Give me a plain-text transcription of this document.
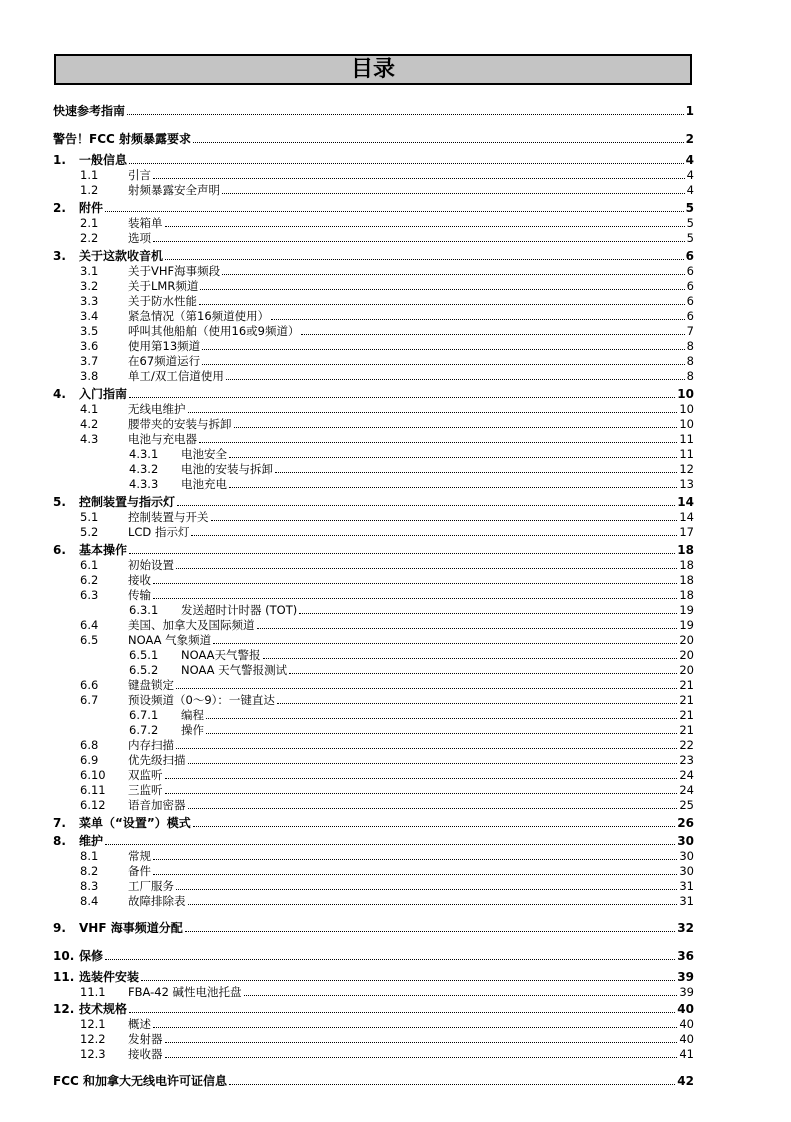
目录
快速参考指南	1
警告！FCC 射频暴露要求	2
1.	一般信息	4
1.1	引言	4
1.2	射频暴露安全声明	4
2.	附件	5
2.1	装箱单	5
2.2	选项	5
3.	关于这款收音机	6
3.1	关于VHF海事频段	6
3.2	关于LMR频道	6
3.3	关于防水性能	6
3.4	紧急情况（第16频道使用）	6
3.5	呼叫其他船舶（使用16或9频道）	7
3.6	使用第13频道	8
3.7	在67频道运行	8
3.8	单工/双工信道使用	8
4.	入门指南	10
4.1	无线电维护	10
4.2	腰带夹的安装与拆卸	10
4.3	电池与充电器	11
4.3.1	电池安全	11
4.3.2	电池的安装与拆卸	12
4.3.3	电池充电	13
5.	控制装置与指示灯	14
5.1	控制装置与开关	14
5.2	LCD 指示灯	17
6.	基本操作	18
6.1	初始设置	18
6.2	接收	18
6.3	传输	18
6.3.1	发送超时计时器 (TOT)	19
6.4	美国、加拿大及国际频道	19
6.5	NOAA 气象频道	20
6.5.1	NOAA天气警报	20
6.5.2	NOAA 天气警报测试	20
6.6	键盘锁定	21
6.7	预设频道（0～9）：一键直达	21
6.7.1	编程	21
6.7.2	操作	21
6.8	内存扫描	22
6.9	优先级扫描	23
6.10	双监听	24
6.11	三监听	24
6.12	语音加密器	25
7.	菜单（“设置”）模式	26
8.	维护	30
8.1	常规	30
8.2	备件	30
8.3	工厂服务	31
8.4	故障排除表	31
9.	VHF 海事频道分配	32
10. 保修	36
11. 选装件安装	39
11.1	FBA-42 碱性电池托盘	39
12. 技术规格	40
12.1	概述	40
12.2	发射器	40
12.3	接收器	41
FCC 和加拿大无线电许可证信息	42
